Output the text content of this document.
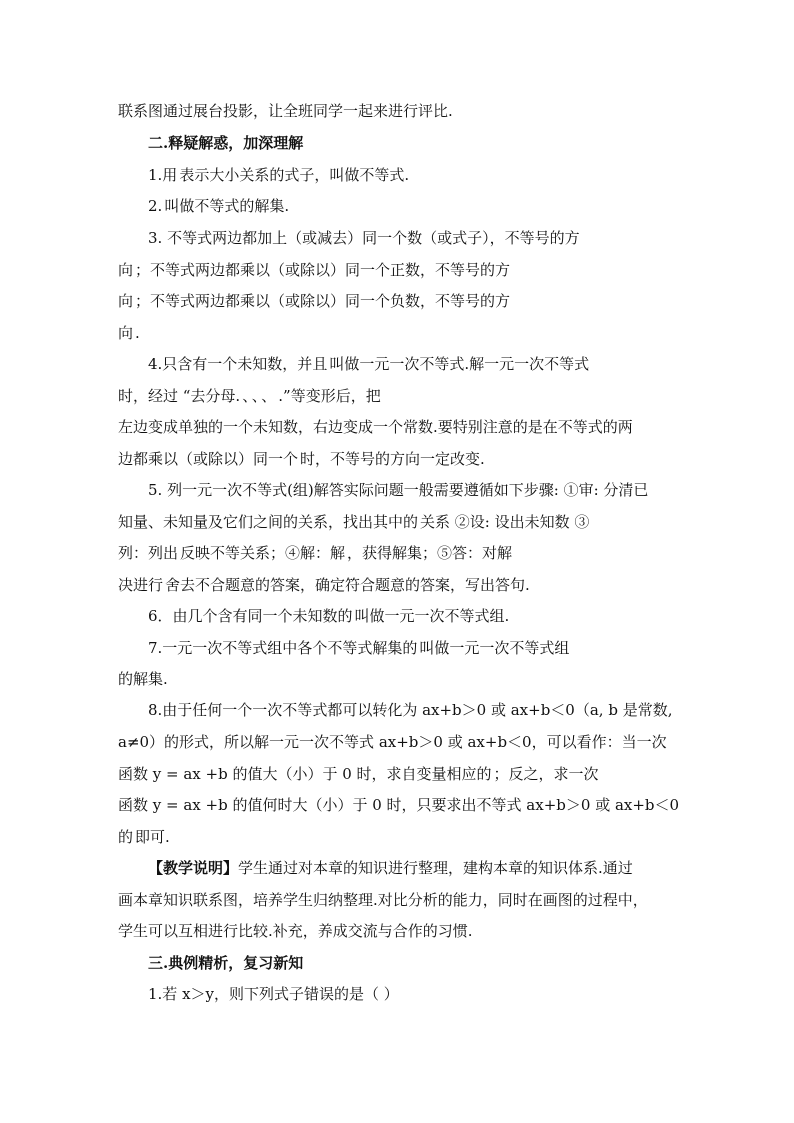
联系图通过展台投影，让全班同学一起来进行评比.
二.释疑解惑，加深理解
1.用 表示大小关系的式子，叫做不等式.
2. 叫做不等式的解集.
3. 不等式两边都加上（或减去）同一个数（或式子），不等号的方
向 ；不等式两边都乘以（或除以）同一个正数，不等号的方
向 ；不等式两边都乘以（或除以）同一个负数，不等号的方
向 .
4.只含有一个未知数，并且 叫做一元一次不等式.解一元一次不等式
时，经过 “去分母. 、 、 、 .”等变形后，把
左边变成单独的一个未知数，右边变成一个常数.要特别注意的是在不等式的两
边都乘以（或除以）同一个 时，不等号的方向一定改变.
5. 列一元一次不等式(组)解答实际问题一般需要遵循如下步骤: ①审: 分清已
知量、未知量及它们之间的关系，找出其中的 关系 ②设: 设出未知数 ③
列：列出 反映不等关系；④解：解 ，获得解集；⑤答：对解
决进行 舍去不合题意的答案，确定符合题意的答案，写出答句.
6．由几个含有同一个未知数的 叫做一元一次不等式组.
7.一元一次不等式组中各个不等式解集的 叫做一元一次不等式组
的解集.
8.由于任何一个一次不等式都可以转化为 ax+b＞0 或 ax+b＜0（a, b 是常数,
a≠0）的形式，所以解一元一次不等式 ax+b＞0 或 ax+b＜0，可以看作：当一次
函数 y = ax +b 的值大（小）于 0 时，求自变量相应的 ；反之，求一次
函数 y = ax +b 的值何时大（小）于 0 时，只要求出不等式 ax+b＞0 或 ax+b＜0
的 即可.
【教学说明】学生通过对本章的知识进行整理，建构本章的知识体系.通过
画本章知识联系图，培养学生归纳整理.对比分析的能力，同时在画图的过程中，
学生可以互相进行比较.补充，养成交流与合作的习惯.
三.典例精析，复习新知
1.若 x＞y，则下列式子错误的是（ ）
